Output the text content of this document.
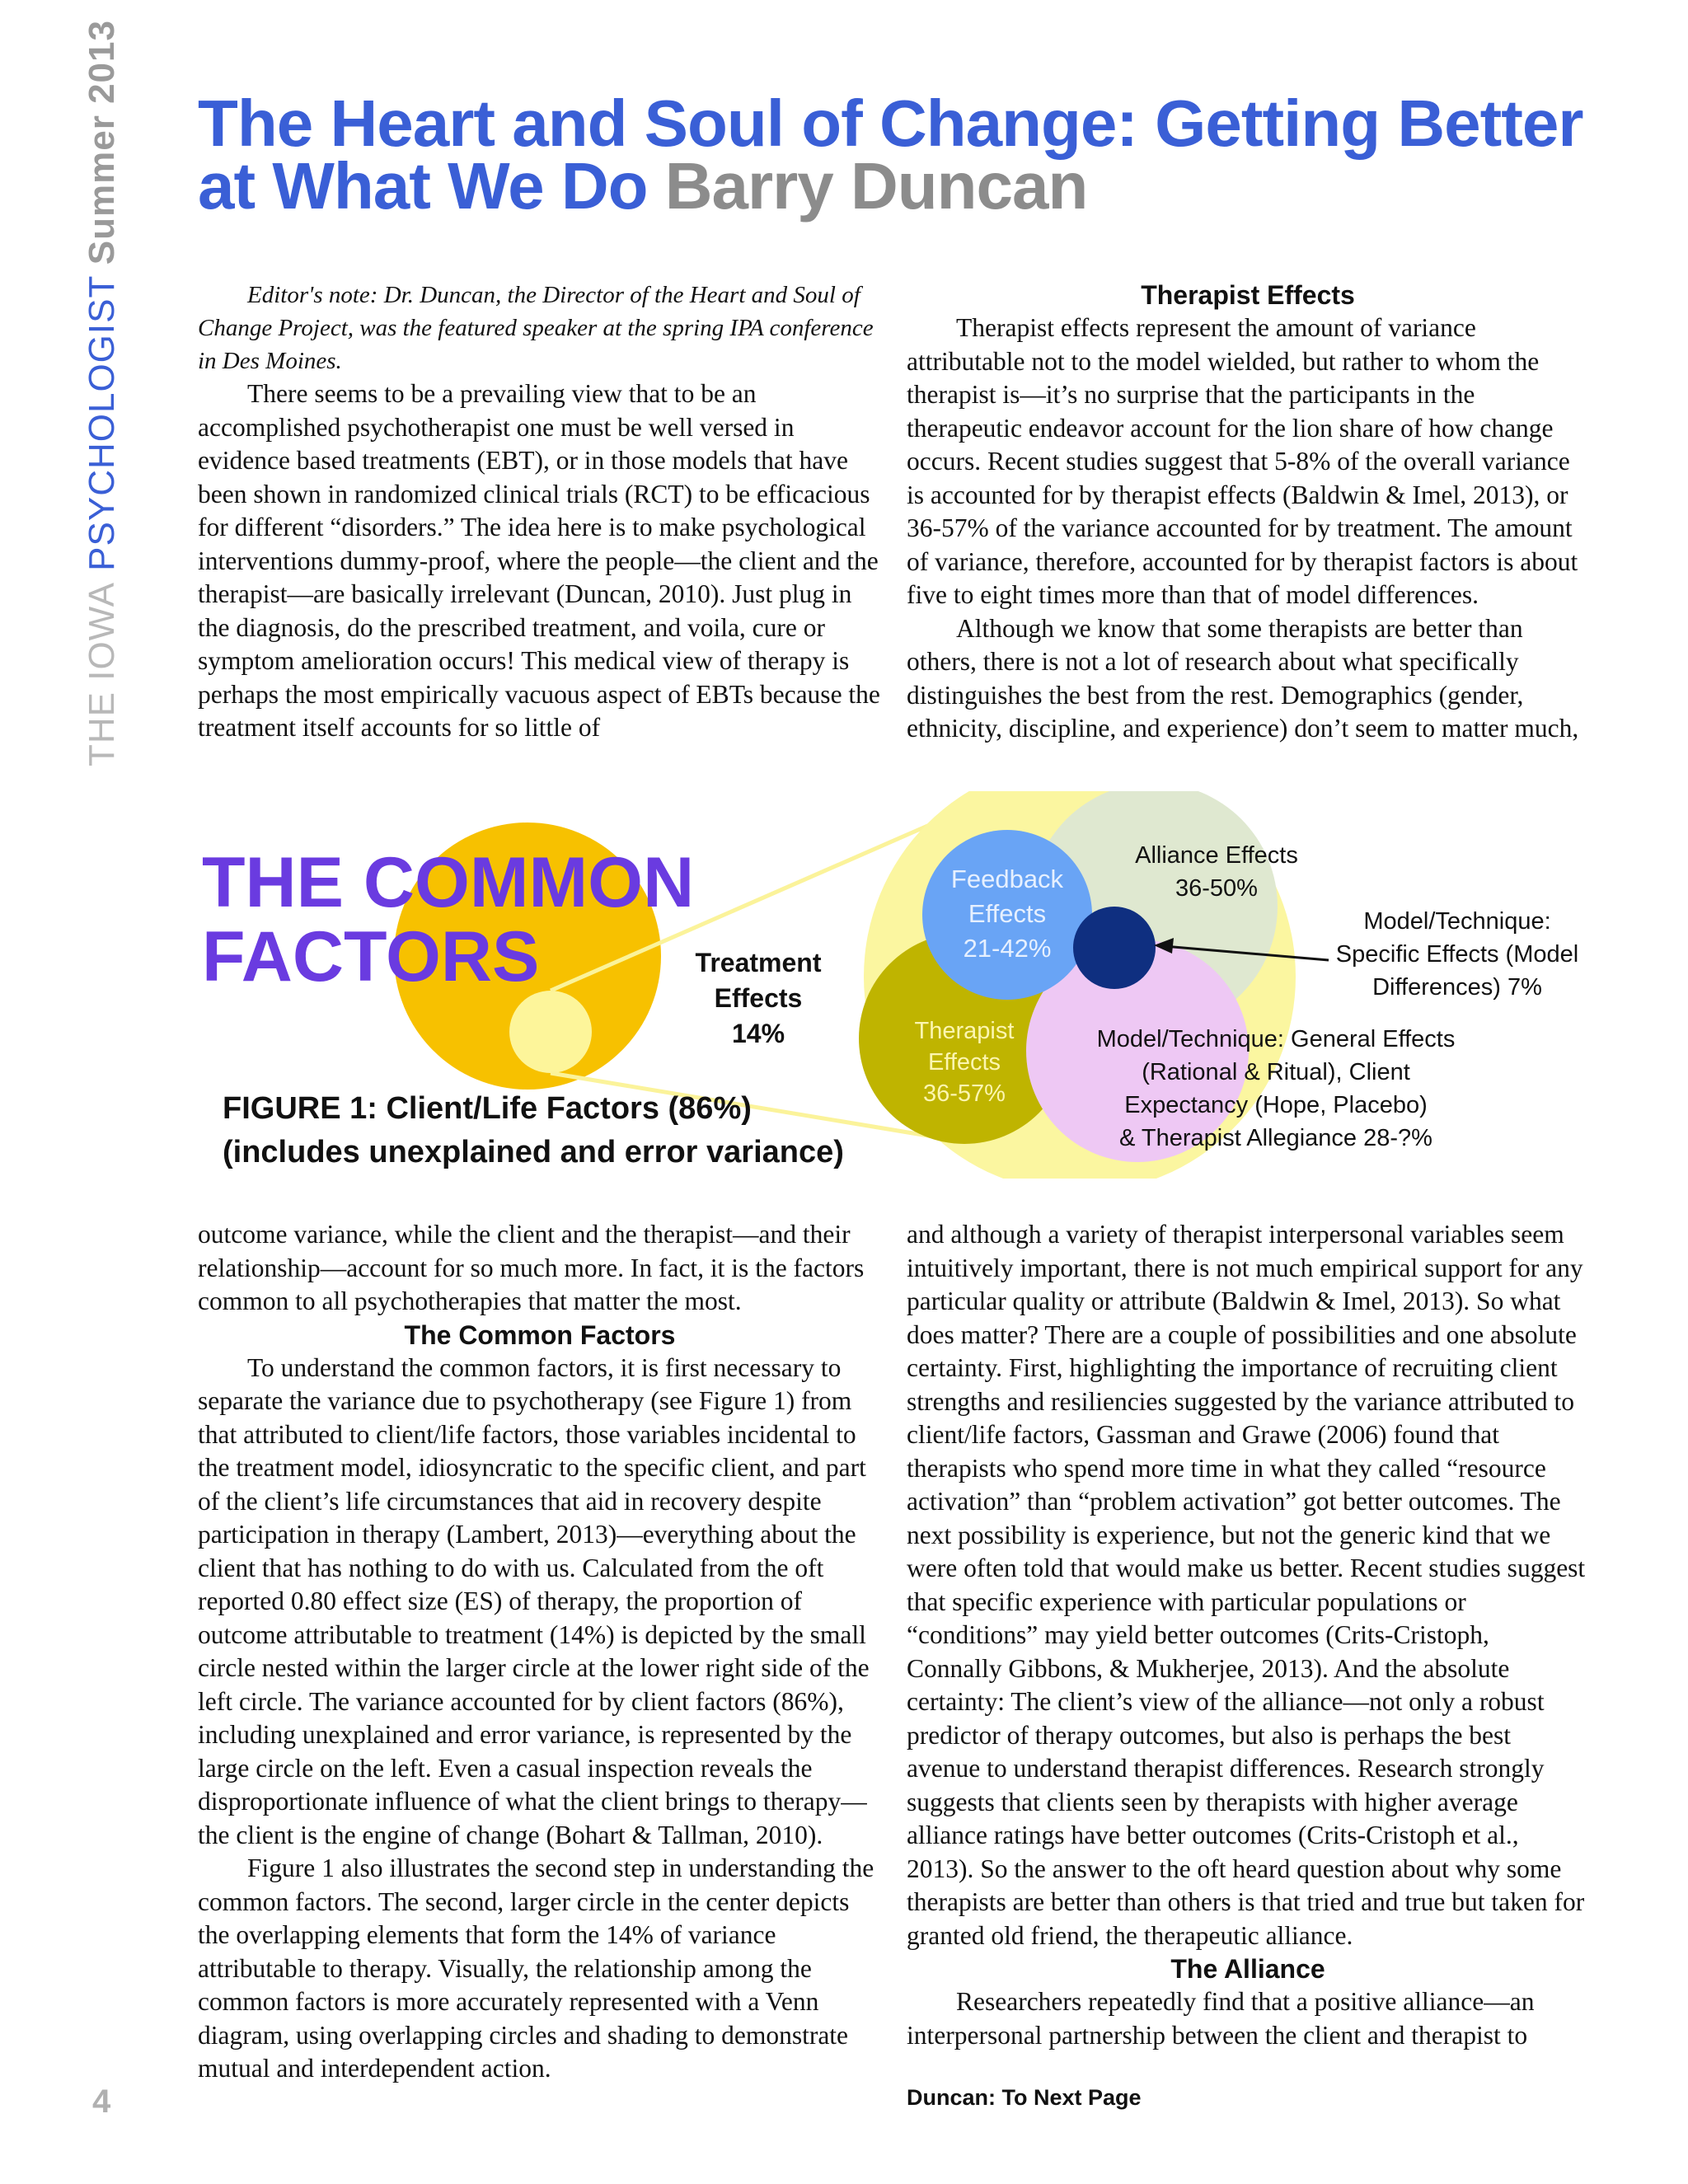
THE IOWA PSYCHOLOGIST Summer 2013 The Heart and Soul of Change: Getting Better at What We Do Barry Duncan

Editor's note: Dr. Duncan, the Director of the Heart and Soul of Change Project, was the featured speaker at the spring IPA conference in Des Moines.

There seems to be a prevailing view that to be an accomplished psychotherapist one must be well versed in evidence based treatments (EBT), or in those models that have been shown in randomized clinical trials (RCT) to be efficacious for different “disorders.” The idea here is to make psychological interventions dummy-proof, where the people—the client and the therapist—are basically irrelevant (Duncan, 2010). Just plug in the diagnosis, do the prescribed treatment, and voila, cure or symptom amelioration occurs! This medical view of therapy is perhaps the most empirically vacuous aspect of EBTs because the treatment itself accounts for so little of

Therapist Effects

Therapist effects represent the amount of variance attributable not to the model wielded, but rather to whom the therapist is—it’s no surprise that the participants in the therapeutic endeavor account for the lion share of how change occurs. Recent studies suggest that 5-8% of the overall variance is accounted for by therapist effects (Baldwin & Imel, 2013), or 36-57% of the variance accounted for by treatment. The amount of variance, therefore, accounted for by therapist factors is about five to eight times more than that of model differences.

Although we know that some therapists are better than others, there is not a lot of research about what specifically distinguishes the best from the rest. Demographics (gender, ethnicity, discipline, and experience) don’t seem to matter much,

THE COMMON
FACTORS	Treatment
Effects
14%
FIGURE 1: Client/Life Factors (86%)
(includes unexplained and error variance)
Feedback
Effects
21-42%
Alliance Effects
36-50%
Model/Technique:
Specific Effects (Model
Differences) 7%
Therapist
Effects
36-57%
Model/Technique: General Effects
(Rational & Ritual), Client
Expectancy (Hope, Placebo)
& Therapist Allegiance 28-?%

outcome variance, while the client and the therapist—and their relationship—account for so much more. In fact, it is the factors common to all psychotherapies that matter the most.

The Common Factors

To understand the common factors, it is first necessary to separate the variance due to psychotherapy (see Figure 1) from that attributed to client/life factors, those variables incidental to the treatment model, idiosyncratic to the specific client, and part of the client’s life circumstances that aid in recovery despite participation in therapy (Lambert, 2013)—everything about the client that has nothing to do with us. Calculated from the oft reported 0.80 effect size (ES) of therapy, the proportion of outcome attributable to treatment (14%) is depicted by the small circle nested within the larger circle at the lower right side of the left circle. The variance accounted for by client factors (86%), including unexplained and error variance, is represented by the large circle on the left. Even a casual inspection reveals the disproportionate influence of what the client brings to therapy—the client is the engine of change (Bohart & Tallman, 2010).

Figure 1 also illustrates the second step in understanding the common factors. The second, larger circle in the center depicts the overlapping elements that form the 14% of variance attributable to therapy. Visually, the relationship among the common factors is more accurately represented with a Venn diagram, using overlapping circles and shading to demonstrate mutual and interdependent action.

and although a variety of therapist interpersonal variables seem intuitively important, there is not much empirical support for any particular quality or attribute (Baldwin & Imel, 2013). So what does matter? There are a couple of possibilities and one absolute certainty. First, highlighting the importance of recruiting client strengths and resiliencies suggested by the variance attributed to client/life factors, Gassman and Grawe (2006) found that therapists who spend more time in what they called “resource activation” than “problem activation” got better outcomes. The next possibility is experience, but not the generic kind that we were often told that would make us better. Recent studies suggest that specific experience with particular populations or “conditions” may yield better outcomes (Crits-Cristoph, Connally Gibbons, & Mukherjee, 2013). And the absolute certainty: The client’s view of the alliance—not only a robust predictor of therapy outcomes, but also is perhaps the best avenue to understand therapist differences. Research strongly suggests that clients seen by therapists with higher average alliance ratings have better outcomes (Crits-Cristoph et al., 2013). So the answer to the oft heard question about why some therapists are better than others is that tried and true but taken for granted old friend, the therapeutic alliance.

The Alliance

Researchers repeatedly find that a positive alliance—an interpersonal partnership between the client and therapist to

Duncan: To Next Page
4
